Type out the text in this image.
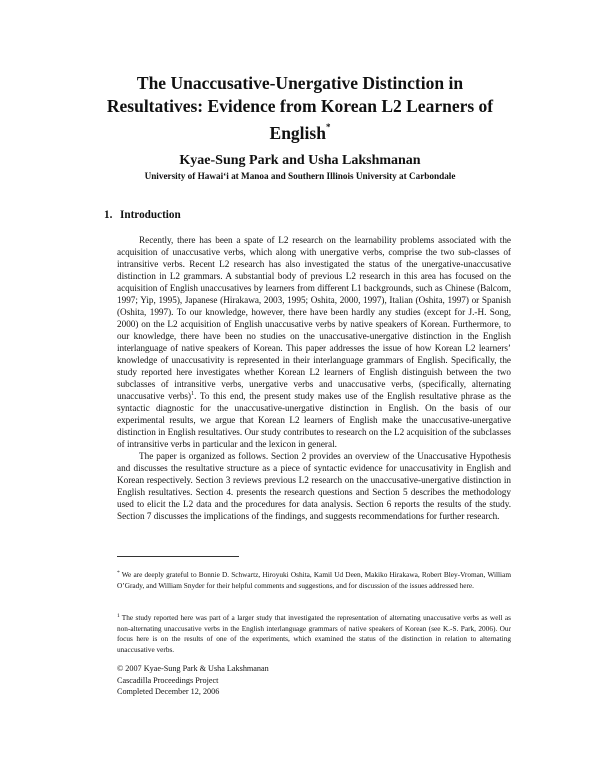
The Unaccusative-Unergative Distinction in
Resultatives: Evidence from Korean L2 Learners of
English*
Kyae-Sung Park and Usha Lakshmanan
University of Hawai‘i at Manoa and Southern Illinois University at Carbondale
1. Introduction

Recently, there has been a spate of L2 research on the learnability problems associated with the acquisition of unaccusative verbs, which along with unergative verbs, comprise the two sub-classes of intransitive verbs. Recent L2 research has also investigated the status of the unergative-unaccusative distinction in L2 grammars. A substantial body of previous L2 research in this area has focused on the acquisition of English unaccusatives by learners from different L1 backgrounds, such as Chinese (Balcom, 1997; Yip, 1995), Japanese (Hirakawa, 2003, 1995; Oshita, 2000, 1997), Italian (Oshita, 1997) or Spanish (Oshita, 1997). To our knowledge, however, there have been hardly any studies (except for J.-H. Song, 2000) on the L2 acquisition of English unaccusative verbs by native speakers of Korean. Furthermore, to our knowledge, there have been no studies on the unaccusative-unergative distinction in the English interlanguage of native speakers of Korean. This paper addresses the issue of how Korean L2 learners’ knowledge of unaccusativity is represented in their interlanguage grammars of English. Specifically, the study reported here investigates whether Korean L2 learners of English distinguish between the two subclasses of intransitive verbs, unergative verbs and unaccusative verbs, (specifically, alternating unaccusative verbs)$^1$. To this end, the present study makes use of the English resultative phrase as the syntactic diagnostic for the unaccusative-unergative distinction in English. On the basis of our experimental results, we argue that Korean L2 learners of English make the unaccusative-unergative distinction in English resultatives. Our study contributes to research on the L2 acquisition of the subclasses of intransitive verbs in particular and the lexicon in general.

The paper is organized as follows. Section 2 provides an overview of the Unaccusative Hypothesis and discusses the resultative structure as a piece of syntactic evidence for unaccusativity in English and Korean respectively. Section 3 reviews previous L2 research on the unaccusative-unergative distinction in English resultatives. Section 4. presents the research questions and Section 5 describes the methodology used to elicit the L2 data and the procedures for data analysis. Section 6 reports the results of the study. Section 7 discusses the implications of the findings, and suggests recommendations for further research.

* We are deeply grateful to Bonnie D. Schwartz, Hiroyuki Oshita, Kamil Ud Deen, Makiko Hirakawa, Robert Bley-Vroman, William O’Grady, and William Snyder for their helpful comments and suggestions, and for discussion of the issues addressed here.

$^1$ The study reported here was part of a larger study that investigated the representation of alternating unaccusative verbs as well as non-alternating unaccusative verbs in the English interlanguage grammars of native speakers of Korean (see K.-S. Park, 2006). Our focus here is on the results of one of the experiments, which examined the status of the distinction in relation to alternating unaccusative verbs.

© 2007 Kyae-Sung Park & Usha Lakshmanan
Cascadilla Proceedings Project
Completed December 12, 2006
